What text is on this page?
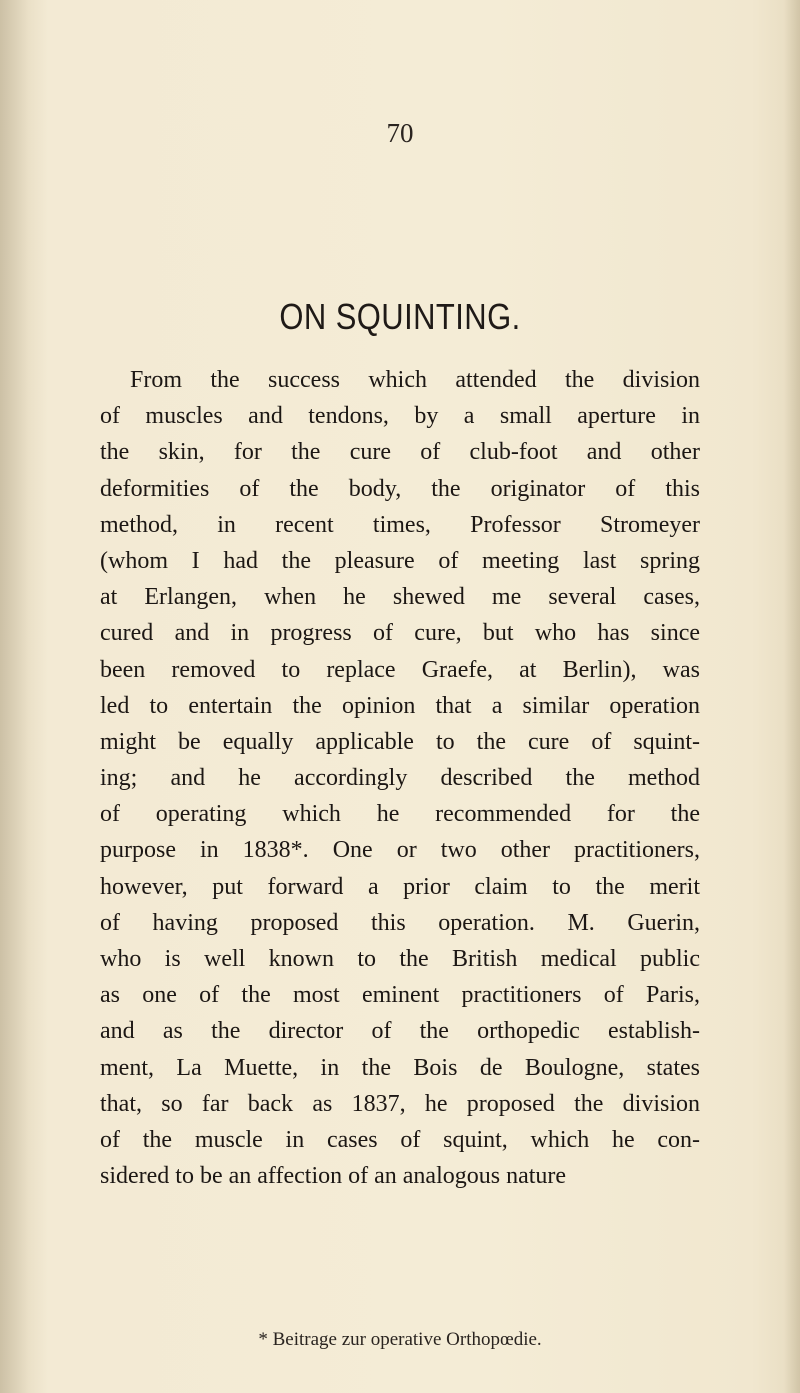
70
ON SQUINTING.
From the success which attended the division
of muscles and tendons, by a small aperture in
the skin, for the cure of club-foot and other
deformities of the body, the originator of this
method, in recent times, Professor Stromeyer
(whom I had the pleasure of meeting last spring
at Erlangen, when he shewed me several cases,
cured and in progress of cure, but who has since
been removed to replace Graefe, at Berlin), was
led to entertain the opinion that a similar operation
might be equally applicable to the cure of squint-
ing; and he accordingly described the method
of operating which he recommended for the
purpose in 1838*. One or two other practitioners,
however, put forward a prior claim to the merit
of having proposed this operation. M. Guerin,
who is well known to the British medical public
as one of the most eminent practitioners of Paris,
and as the director of the orthopedic establish-
ment, La Muette, in the Bois de Boulogne, states
that, so far back as 1837, he proposed the division
of the muscle in cases of squint, which he con-
sidered to be an affection of an analogous nature
* Beitrage zur operative Orthopœdie.
